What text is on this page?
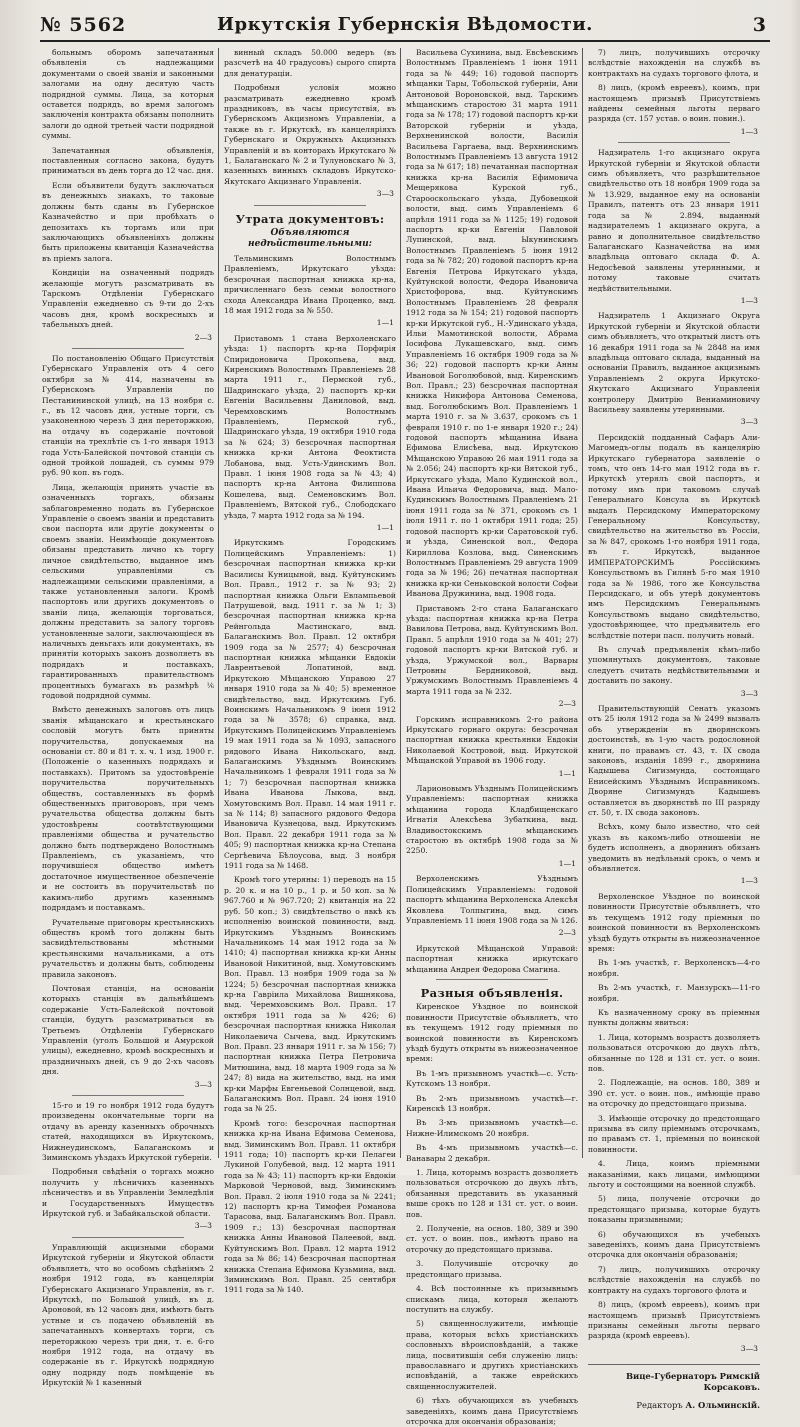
№ 5562	Иркутскія Губернскія Вѣдомости.	3

больнымъ оборомъ запечатанныя объявленія съ надлежащими документами о своей званія и законными залогами на одну десятую часть подрядной суммы. Лица, за которыя оставется подрядъ, во время залогомъ заключенія контракта обязаны пополнить залоги до одной третьей части подрядной суммы.

Запечатанныя объявленія, поставленныя согласно закона, будутъ приниматься въ день торга до 12 час. дня.

Если объявители будутъ заключаться въ денежныхъ знакахъ, то таковые должны быть сданы въ Губернское Казначейство и при пробѣхать о депозитахъ къ торгамъ или при заключающихъ объявленіяхъ должны быть приложены квитанція Казначейства въ пріемъ залога.

Кондиціи на означенный подрядъ желающіе могутъ разсматривать въ Тарскомъ Отдѣленіи Губернскаго Управленія ежедневно съ 9-ти до 2-хъ часовъ дня, кромѣ воскресныхъ и табельныхъ дней.

2—3

По постановленію Общаго Присутствія Губернскаго Управленія отъ 4 сего октября за № 414, назначены въ Губернскомъ Управленіи по Пестанининской улицѣ, на 13 ноября с. г., въ 12 часовъ дня, устные торги, съ узаконенною черезъ 3 дня переторжкою, на отдачу въ содержаніе почтовой станціи на трехлѣтіе съ 1-го января 1913 года Усть-Балейской почтовой станціи съ одной тройкой лошадей, съ суммы 979 руб. 90 коп. въ годъ.

Лица, желающія принять участіе въ означенныхъ торгахъ, обязаны заблаговременно подать въ Губернское Управленіе о своемъ званіи и представить свои паспорта или другіе документы о своемъ званіи. Неимѣющіе документовъ обязаны представить лично къ торгу личное свидѣтельство, выданное имъ сельскими управленіями съ надлежащими сельскими правленіями, а также установленныя залоги. Кромѣ паспортовъ или другихъ документовъ о званіи лица, желающія торговаться, должны представить за залогу торговъ установленные залоги, заключающіеся въ наличныхъ деньгахъ или документахъ, въ принятіи которыхъ законъ дозволяетъ въ подрядахъ и поставкахъ, гарантированныхъ правительствомъ процентныхъ бумагахъ въ размѣрѣ ⅙ годовой подрядной суммы.

Вмѣсто денежныхъ залоговъ отъ лицъ званія мѣщанскаго и крестьянскаго сословій могутъ быть приняты поручительства, допускаемыя на основаніи ст. 80 и 81 т. х. ч. 1 изд. 1900 г. (Положеніе о казенныхъ подрядахъ и поставкахъ). Притомъ за удостовѣреніе поручительства поручительныхъ обществъ, составленныхъ въ формѣ общественныхъ приговоровъ, при чемъ ручательства общества должны быть удостовѣрены соотвѣтствующими правленіями общества и ручательство должно быть подтверждено Волостнымъ Правленіемъ, съ указаніемъ, что поручившіеся общество имѣетъ достаточное имущественное обезпеченіе и не состоитъ въ поручительствѣ по какимъ-либо другимъ казеннымъ подрядамъ и поставкамъ.

Ручательные приговоры крестьянскихъ обществъ кромѣ того должны быть засвидѣтельствованы мѣстными крестьянскими начальниками, а отъ ручательствъ и должны быть, соблюдены правила законовъ.

Почтовая станція, на основаніи которыхъ станція въ дальнѣйшемъ содержаніе Усть-Балейской почтовой станціи, будутъ разсматриваться въ Третьемъ Отдѣленіи Губернскаго Управленія (уголъ Большой и Амурской улицы), ежедневно, кромѣ воскресныхъ и праздничныхъ дней, съ 9 до 2-хъ часовъ дня.

3—3

15-го и 19 го ноября 1912 года будутъ произведены окончательные торги на отдачу въ аренду казенныхъ оброчныхъ статей, находящихся въ Иркутскомъ, Нижнеудинскомъ, Балаганскомъ и Зиминскомъ уѣздахъ Иркутской губерніи.

Подробныя свѣдѣнія о торгахъ можно получить у лѣсничихъ казенныхъ лѣсничествъ и въ Управленіи Земледѣлія и Государственныхъ Имуществъ Иркутской губ. и Забайкальской области.

3—3

Управляющій акцизными сборами Иркутской губерніи и Якутской области объявляетъ, что во особомъ сѣдѣніямъ 2 ноября 1912 года, въ канцеляріи Губернскаго Акцизнаго Управленія, въ г. Иркутскѣ, по Большой улицѣ, въ д. Ароновой, въ 12 часовъ дня, имѣютъ быть устные и съ подачею объявленій въ запечатанныхъ конвертахъ торги, съ переторжкою черезъ три дня, т. е. 6-го ноября 1912 года, на отдачу въ содержаніе въ г. Иркутскѣ подрядную одну подряду подъ помѣщеніе въ Иркутскій № 1 казенный

винный складъ 50.000 ведеръ (въ разсчетѣ на 40 градусовъ) сырого спирта для денатураціи.

Подробныя условія можно разсматривать ежедневно кромѣ праздниковъ, въ часы присутствія, въ Губернскомъ Акцизномъ Управленіи, а также въ г. Иркутскѣ, въ канцеляріяхъ Губернскаго и Окружныхъ Акцизныхъ Управленій и въ конторахъ Иркутскаго № 1, Балаганскаго № 2 и Тулуновскаго № 3, казенныхъ винныхъ складовъ Иркутско-Якутскаго Акцизнаго Управленія.

3—3

Утрата документовъ:

Объявляются недѣйствительными:

Тельминскимъ Волостнымъ Правленіемъ, Иркутскаго уѣзда: безсрочная паспортная книжка кр-на, причисленнаго безъ семьи волостного схода Александра Ивана Проценко, выд. 18 мая 1912 года за № 550.

1—1

Приставомъ 1 стана Верхоленскаго уѣзда: 1) паспортъ кр-на Порфирія Спиридоновича Прокопьева, выд. Киренскимъ Волостнымъ Правленіемъ 28 марта 1911 г., Пермской губ., Шадринскаго уѣзда, 2) паспортъ кр-ки Евгеніи Васильевны Даниловой, выд. Черемховскимъ Волостнымъ Правленіемъ, Пермской губ., Шадринскаго уѣзда, 19 октября 1910 года за № 624; 3) безсрочная паспортная книжка кр-ки Антона Феоктиста Лобанова, выд. Усть-Удинскимъ Вол. Правл. 1 іюня 1908 года за № 43; 4) паспортъ кр-на Антона Филиппова Кошелева, выд. Семеновскимъ Вол. Правленіемъ, Вятской губ., Слободскаго уѣзда, 7 марта 1912 года за № 194.

1—1

Иркутскимъ Городскимъ Полицейскимъ Управленіемъ: 1) безсрочная паспортная книжка кр-ки Василисы Куницыной, выд. Куйтунскимъ Вол. Правл., 1912 г. за № 93; 2) паспортная книжка Ольги Евлампьевой Патрушевой, выд. 1911 г. за № 1; 3) безсрочная паспортная книжка кр-на Рейнгольда Мастинскаго, выд. Балаганскимъ Вол. Правл. 12 октября 1909 года за № 2577; 4) безсрочная паспортная книжка мѣщанки Евдокіи Лаврентьевой Лопатиной, выд. Иркутскою Мѣщанскою Управою 27 января 1910 года за № 40; 5) временное свидѣтельство, выд. Иркутскимъ Губ. Воинскимъ Начальникомъ 9 іюня 1912 года за № 3578; 6) справка, выд. Иркутскимъ Полицейскимъ Управленіемъ 19 мая 1911 года за № 1093, запасного рядового Ивана Никольскаго, выд. Балаганскимъ Уѣзднымъ Воинскимъ Начальникомъ 1 февраля 1911 года за № 1; 7) безсрочная паспортная книжка Ивана Иванова Лыкова, выд. Хомутовскимъ Вол. Правл. 14 мая 1911 г. за № 114; 8) запасного рядового Федора Ивановича Кузнецова, выд. Иркутскимъ Вол. Правл. 22 декабря 1911 года за № 405; 9) паспортная книжка кр-на Степана Сергѣевича Бѣлоусова, выд. 3 ноября 1911 года за № 1468.

Кромѣ того утеряны: 1) переводъ на 15 р. 20 к. и на 10 р., 1 р. и 50 коп. за № 967.760 и № 967.720; 2) квитанція на 22 руб. 50 коп.; 3) свидѣтельство о явкѣ къ исполненію воинской повинности, выд. Иркутскимъ Уѣзднымъ Воинскимъ Начальникомъ 14 мая 1912 года за № 1410; 4) паспортная книжка кр-ки Анны Ивановой Никитиной, выд. Хомутовскимъ Вол. Правл. 13 ноября 1909 года за № 1224; 5) безсрочная паспортная книжка кр-на Гавріила Михайлова Вишнякова, выд. Черемховскимъ Вол. Правл. 17 октября 1911 года за № 426; 6) безсрочная паспортная книжка Николая Николаевича Сычева, выд. Иркутскимъ Вол. Правл. 23 января 1911 г. за № 156; 7) паспортная книжка Петра Петровича Митюшина, выд. 18 марта 1909 года за № 247; 8) вида на жительство, выд. на имя кр-ки Марфы Евгеньевой Солнцевой, выд. Балаганскимъ Вол. Правл. 24 іюня 1910 года за № 25.

Кромѣ того: безсрочная паспортная книжка кр-на Ивана Ефимова Семенова, выд. Зиминскимъ Вол. Правл. 11 октября 1911 года; 10) паспортъ кр-ки Пелагеи Лукиной Голубевой, выд. 12 марта 1911 года за № 43; 11) паспортъ кр-ки Евдокіи Марковой Черновой, выд. Зиминскимъ Вол. Правл. 2 іюля 1910 года за № 2241; 12) паспортъ кр-на Тимофея Романова Тарасова, выд. Балаганскимъ Вол. Правл. 1909 г.; 13) безсрочная паспортная книжка Анны Ивановой Палеевой, выд. Куйтунскимъ Вол. Правл. 12 марта 1912 года за № 86; 14) безсрочная паспортная книжка Степана Ефимова Кузьмина, выд. Зиминскимъ Вол. Правл. 25 сентября 1911 года за № 140.

Васильева Сухинина, выд. Евсѣевскимъ Волостнымъ Правленіемъ 1 іюня 1911 года за № 449; 16) годовой паспортъ мѣщанки Тары, Тобольской губерніи, Ани Антоновой Вороновской, выд. Тарскимъ мѣщанскимъ старостою 31 марта 1911 года за № 178; 17) годовой паспортъ кр-ки Ваторской губерніи и уѣзда, Верхненинской волости, Василія Васильева Гаргаева, выд. Верхнинскимъ Волостнымъ Правленіемъ 13 августа 1912 года за № 617; 18) печатанная паспортная книжка кр-на Василія Ефимовича Мещерякова Курской губ., Старооскольскаго уѣзда, Дубовецкой волости, выд. симъ Управленіемъ 6 апрѣля 1911 года за № 1125; 19) годовой паспортъ кр-ки Евгеніи Павловой Лупинской, выд. Ыкунинскимъ Волостнымъ Правленіемъ 5 іюня 1912 года за № 782; 20) годовой паспортъ кр-на Евгенія Петрова Иркутскаго уѣзда, Куйтунской волости, Федора Ивановича Христофорова, выд. Куйтунскимъ Волостнымъ Правленіемъ 28 февраля 1912 года за № 154; 21) годовой паспортъ кр-ки Иркутской губ., Н.-Удинскаго уѣзда, Ильи Мамотинской волости, Абрама Іосифова Лукашевскаго, выд. симъ Управленіемъ 16 октября 1909 года за № 36; 22) годовой паспортъ кр-ки Анны Ивановой Боголюбовой, выд. Киренскимъ Вол. Правл.; 23) безсрочная паспортная книжка Никифора Антонова Семенова, выд. Боголюбскимъ Вол. Правленіемъ 1 марта 1910 г. за № 3.637, срокомъ съ 1 февраля 1910 г. по 1-е января 1920 г.; 24) годовой паспортъ мѣщанина Ивана Ефимова Елисѣева, выд. Иркутскою Мѣщанскою Управою 26 мая 1911 года за № 2.056; 24) паспортъ кр-ки Вятской губ., Иркутскаго уѣзда, Мало Кудинской вол., Ивана Ильича Федоровича, выд. Мало-Кудинскимъ Волостнымъ Правленіемъ 21 іюня 1911 года за № 371, срокомъ съ 1 іюля 1911 г. по 1 октября 1911 года; 25) годовой паспортъ кр-ки Саратовской губ. и уѣзда, Синенской вол., Федора Кириллова Козлова, выд. Синенскимъ Волостнымъ Правленіемъ 29 августа 1909 года за № 196; 26) печатная паспортная книжка кр-ки Сеньковской волости Софьи Иванова Дружинина, выд. 1908 года.

Приставомъ 2-го стана Балаганскаго уѣзда: паспортная книжка кр-на Петра Вавилова Петрова, выд. Куйтунскимъ Вол. Правл. 5 апрѣля 1910 года за № 401; 27) годовой паспортъ кр-ки Вятской губ. и уѣзда, Уржумской вол., Варвары Петровны Бердниковой, выд. Уржумскимъ Волостнымъ Правленіемъ 4 марта 1911 года за № 232.

2—3

Горскимъ исправникомъ 2-го района Иркутскаго горнаго округа: безсрочная паспортная книжка крестьянки Евдокіи Николаевой Костровой, выд. Иркутской Мѣщанской Управой въ 1906 году.

1—1

Ларионовымъ Уѣзднымъ Полицейскимъ Управленіемъ: паспортная книжка мѣщанина города Кладбищенскаго Игнатія Алексѣева Зубаткина, выд. Владивостокскимъ мѣщанскимъ старостою въ октябрѣ 1908 года за № 2250.

1—1

Верхоленскимъ Уѣзднымъ Полицейскимъ Управленіемъ: годовой паспортъ мѣщанина Верхоленска Алексѣя Яковлева Толпыгина, выд. симъ Управленіемъ 11 іюня 1908 года за № 126.

2—3

Иркутской Мѣщанской Управой: паспортная книжка иркутскаго мѣщанина Андрея Федорова Смагина.

Разныя объявленія.

Киренское Уѣздное по воинской повинности Присутствіе объявляетъ, что въ текущемъ 1912 году пріемныя по воинской повинности въ Киренскомъ уѣздѣ будутъ открыты въ нижеозначенное время:

Въ 1-мъ призывномъ участкѣ—с. Усть-Кутскомъ 13 ноября.

Въ 2-мъ призывномъ участкѣ—г. Киренскѣ 13 ноября.

Въ 3-мъ призывномъ участкѣ—с. Нижне-Илимскомъ 20 ноября.

Въ 4-мъ призывномъ участкѣ—с. Ванавары 2 декабря.

1. Лица, которымъ возрастъ дозволяетъ пользоваться отсрочкою до двухъ лѣтъ, обязанныя представить въ указанный выше срокъ по 128 и 131 ст. уст. о воин. пов.

2. Полученіе, на основ. 180, 389 и 390 ст. уст. о воин. пов., имѣютъ право на отсрочку до предстоящаго призыва.

3. Получившіе отсрочку до предстоящаго призыва.

4. Всѣ постоянные къ призывнымъ спискамъ лица, которыя желаютъ поступить на службу.

5) священнослужители, имѣющіе права, которыя всѣхъ христіанскихъ сословныхъ вѣроисповѣданій, а также лица, посвятившія себя служенію лицъ: православнаго и другихъ христіанскихъ исповѣданій, а также еврейскихъ священнослужителей.

6) тѣхъ обучающихся въ учебныхъ заведеніяхъ, коимъ дана Присутствіемъ отсрочка для окончанія образованія;

7) лицъ, получившихъ отсрочку вслѣдствіе нахожденія на службѣ въ контрактахъ на судахъ торгового флота, и

8) лицъ, (кромѣ евреевъ), коимъ, при настоящемъ призывѣ Присутствіемъ найдены семейныя льготы перваго разряда (ст. 157 устав. о воин. повин.).

1—3

Надзиратель 1-го акцизнаго округа Иркутской губерніи и Якутской области симъ объявляетъ, что разрѣшительное свидѣтельство отъ 18 ноября 1909 года за № 13.929, выданное ему на основаніи Правилъ, патентъ отъ 23 января 1911 года за № 2.894, выданный надзирателемъ 1 акцизнаго округа, а равно и дополнительное свидѣтельство Балаганскаго Казначейства на имя владѣльца оптоваго склада Ф. А. Недосѣевой заявлены утерянными, и потому таковые считать недѣйствительными.

1—3

Надзиратель 1 Акцизнаго Округа Иркутской губерніи и Якутской области симъ объявляетъ, что открытый листъ отъ 16 декабря 1911 года за № 2848 на имя владѣльца оптоваго склада, выданный на основаніи Правилъ, выданное акцизнымъ Управленіемъ 2 округа Иркутско-Якутскаго Акцизнаго Управленія контролеру Дмитрію Вениаминовичу Васильеву заявлены утерянными.

3—3

Персидскій подданный Сафаръ Али-Магомедъ-оглы подалъ въ канцелярію Иркутскаго губернатора заявленіе о томъ, что онъ 14-го мая 1912 года въ г. Иркутскѣ утерялъ свой паспортъ, и потому имъ при таковомъ случаѣ Генеральнаго Консула въ Иркутскѣ выдалъ Персидскому Императорскому Генеральному Консульству, свидѣтельство на жительство въ Россіи, за № 847, срокомъ 1-го ноября 1911 года, въ г. Иркутскѣ, выданное ИМПЕРАТОРСКИМЪ Россійскимъ Консульствомъ въ Гилянѣ 5-го мая 1910 года за № 1986, того же Консульства Персидскаго, и объ утерѣ документовъ имъ Персидскимъ Генеральнымъ Консульствомъ выдано свидѣтельство, удостовѣряющее, что предъявитель его вслѣдствіе потери пасп. получить новый.

Въ случаѣ предъявленія кѣмъ-либо упомянутыхъ документовъ, таковые следуетъ считать недѣйствительными и доставить по закону.

3—3

Правительствующій Сенатъ указомъ отъ 25 іюля 1912 года за № 2499 вызвалъ объ утвержденіи въ дворянскомъ достоинствѣ, въ 1-ую часть родословной книги, по правамъ ст. 43, т. IX свода законовъ, изданія 1899 г., дворянина Кадышева Сигизмунда, состоящаго Енисейскимъ Уѣзднымъ Исправникомъ. Дворяне Сигизмундъ Кадышевъ оставляется въ дворянствѣ по III разряду ст. 50, т. IX свода законовъ.

Всѣхъ, кому было известно, что сей указъ въ какомъ-либо отношеніи не будетъ исполненъ, а дворянинъ обязанъ уведомить въ недѣльный срокъ, о чемъ и объявляется.

1—3

Верхоленское Уѣздное по воинской повинности Присутствіе объявляетъ, что въ текущемъ 1912 году пріемныя по воинской повинности въ Верхоленскомъ уѣздѣ будутъ открыты въ нижеозначенное время:

Въ 1-мъ участкѣ, г. Верхоленскъ—4-го ноября.

Въ 2-мъ участкѣ, г. Манзурскъ—11-го ноября.

Къ назначенному сроку въ пріемныя пункты должны явиться:

1. Лица, которымъ возрастъ дозволяетъ пользоваться отсрочкою до двухъ лѣтъ, обязанные по 128 и 131 ст. уст. о воин. пов.

2. Подлежащіе, на основ. 180, 389 и 390 ст. уст. о воин. пов., имѣющіе право на отсрочку до предстоящаго призыва.

3. Имѣющіе отсрочку до предстоящаго призыва въ силу пріемнымъ отсрочкамъ, по правамъ ст. 1, пріемныя по воинской повинности.

4. Лица, коимъ пріемными наказаніями, какъ лицами, имѣющими льготу и состоящими на военной службѣ.

5) лица, полученіе отсрочки до предстоящаго призыва, которые будутъ показаны призывными;

6) обучающихся въ учебныхъ заведеніяхъ, коимъ дана Присутствіемъ отсрочка для окончанія образованія;

7) лицъ, получившихъ отсрочку вслѣдствіе нахожденія на службѣ по контракту на судахъ торгового флота и

8) лицъ, (кромѣ евреевъ), коимъ при настоящемъ призывѣ Присутствіемъ признаны семейныя льготы перваго разряда (кромѣ евреевъ).

3—3

Вице-Губернаторъ Римскій Корсаковъ.

Редакторъ А. Ольминскій.
